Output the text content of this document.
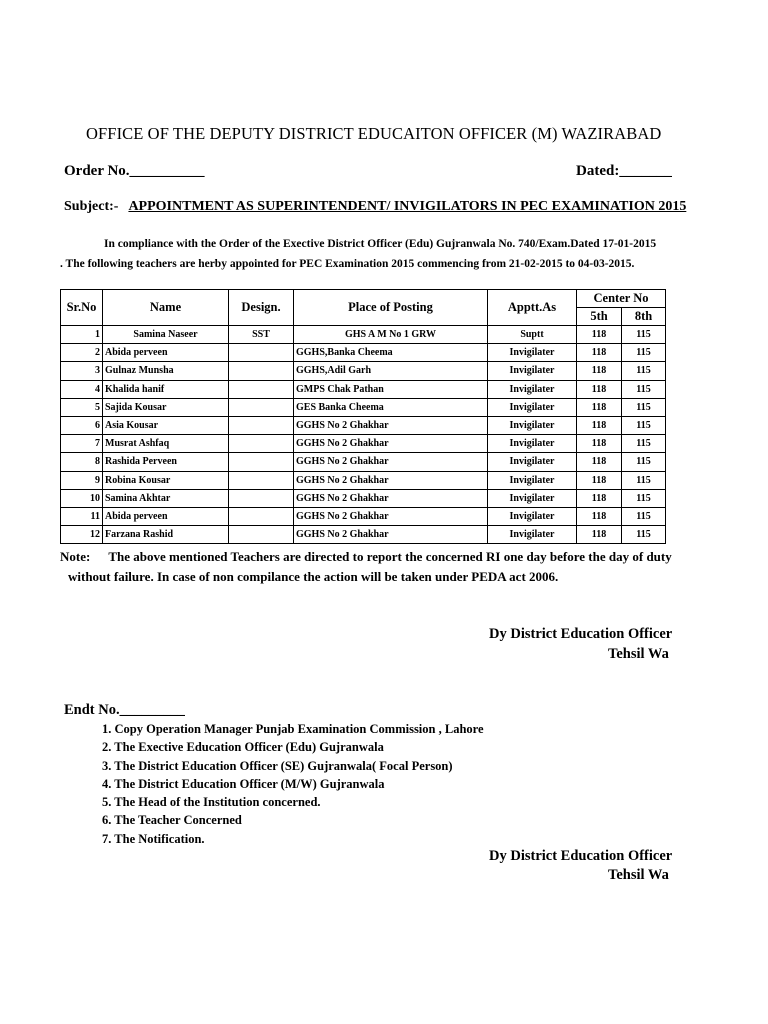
OFFICE OF THE DEPUTY DISTRICT EDUCAITON OFFICER (M) WAZIRABAD
Order No.__________	Dated:_______
Subject:- APPOINTMENT AS SUPERINTENDENT/ INVIGILATORS IN PEC EXAMINATION 2015
In compliance with the Order of the Exective District Officer (Edu) Gujranwala No. 740/Exam.Dated 17-01-2015
. The following teachers are herby appointed for PEC Examination 2015 commencing from 21-02-2015 to 04-03-2015.
Sr.No	Name	Design.	Place of Posting	Apptt.As	Center No	
					5th	8th
1	Samina Naseer	SST	GHS A M No 1 GRW	Suptt	118	115
2	Abida perveen		GGHS,Banka Cheema	Invigilater	118	115
3	Gulnaz Munsha		GGHS,Adil Garh	Invigilater	118	115
4	Khalida hanif		GMPS Chak Pathan	Invigilater	118	115
5	Sajida Kousar		GES Banka Cheema	Invigilater	118	115
6	Asia Kousar		GGHS No 2 Ghakhar	Invigilater	118	115
7	Musrat Ashfaq		GGHS No 2 Ghakhar	Invigilater	118	115
8	Rashida Perveen		GGHS No 2 Ghakhar	Invigilater	118	115
9	Robina Kousar		GGHS No 2 Ghakhar	Invigilater	118	115
10	Samina Akhtar		GGHS No 2 Ghakhar	Invigilater	118	115
11	Abida perveen		GGHS No 2 Ghakhar	Invigilater	118	115
12	Farzana Rashid		GGHS No 2 Ghakhar	Invigilater	118	115
Note: The above mentioned Teachers are directed to report the concerned RI one day before the day of duty
without failure. In case of non compilance the action will be taken under PEDA act 2006.
Dy District Education Officer
Tehsil Wa
Endt No._________
1. Copy Operation Manager Punjab Examination Commission , Lahore
2. The Exective Education Officer (Edu) Gujranwala
3. The District Education Officer (SE) Gujranwala( Focal Person)
4. The District Education Officer (M/W) Gujranwala
5. The Head of the Institution concerned.
6. The Teacher Concerned
7. The Notification.
Dy District Education Officer
Tehsil Wa
